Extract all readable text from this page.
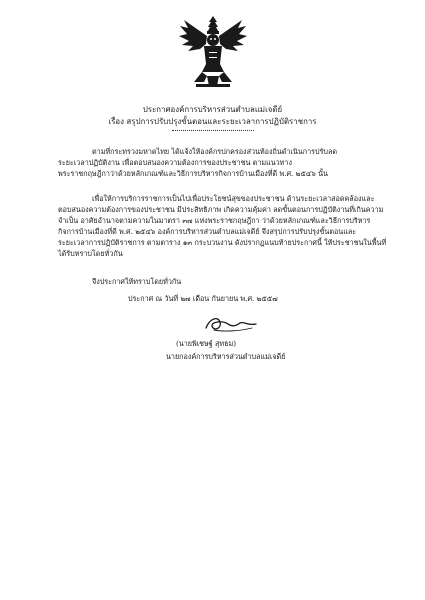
ประกาศองค์การบริหารส่วนตำบลแม่เจดีย์
เรื่อง สรุปการปรับปรุงขั้นตอนและระยะเวลาการปฏิบัติราชการ
ตามที่กระทรวงมหาดไทย ได้แจ้งให้องค์กรปกครองส่วนท้องถิ่นดำเนินการปรับลด
ระยะเวลาปฏิบัติงาน เพื่อตอบสนองความต้องการของประชาชน ตามแนวทาง
พระราชกฤษฎีกาว่าด้วยหลักเกณฑ์และวิธีการบริหารกิจการบ้านเมืองที่ดี พ.ศ. ๒๕๔๖ นั้น
เพื่อให้การบริการราชการเป็นไปเพื่อประโยชน์สุขของประชาชน ด้านระยะเวลาสอดคล้องและ
ตอบสนองความต้องการของประชาชน มีประสิทธิภาพ เกิดความคุ้มค่า ลดขั้นตอนการปฏิบัติงานที่เกินความ
จำเป็น อาศัยอำนาจตามความในมาตรา ๓๗ แห่งพระราชกฤษฎีกา ว่าด้วยหลักเกณฑ์และวิธีการบริหาร
กิจการบ้านเมืองที่ดี พ.ศ. ๒๕๔๖ องค์การบริหารส่วนตำบลแม่เจดีย์ จึงสรุปการปรับปรุงขั้นตอนและ
ระยะเวลาการปฏิบัติราชการ ตามตาราง ๑๓ กระบวนงาน ดังปรากฏแนบท้ายประกาศนี้ ให้ประชาชนในพื้นที่
ได้รับทราบโดยทั่วกัน
จึงประกาศให้ทราบโดยทั่วกัน
ประกาศ ณ วันที่ ๒๗ เดือน กันยายน พ.ศ. ๒๕๕๗
(นายพิเชษฐ์ สุทธม)
นายกองค์การบริหารส่วนตำบลแม่เจดีย์
